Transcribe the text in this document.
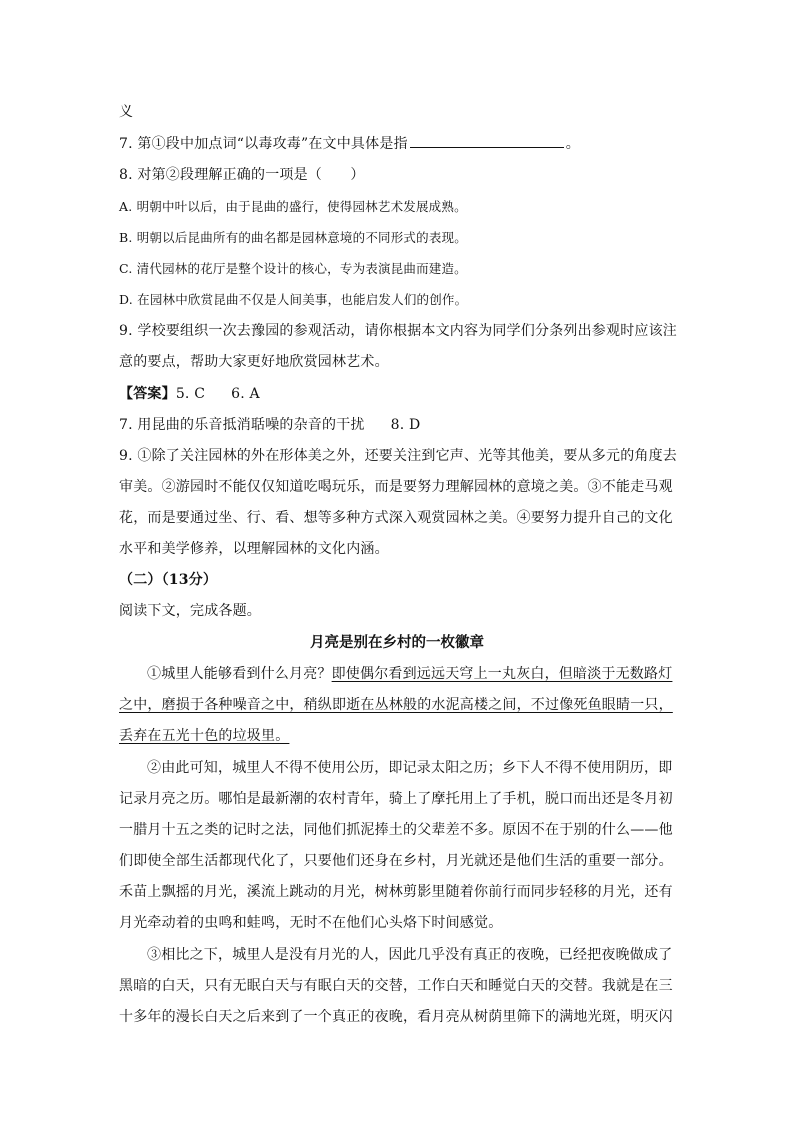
义
7. 第①段中加点词“以毒攻毒”在文中具体是指	。
8. 对第②段理解正确的一项是（　　）
A. 明朝中叶以后，由于昆曲的盛行，使得园林艺术发展成熟。
B. 明朝以后昆曲所有的曲名都是园林意境的不同形式的表现。
C. 清代园林的花厅是整个设计的核心，专为表演昆曲而建造。
D. 在园林中欣赏昆曲不仅是人间美事，也能启发人们的创作。
9. 学校要组织一次去豫园的参观活动，请你根据本文内容为同学们分条列出参观时应该注
意的要点，帮助大家更好地欣赏园林艺术。
【答案】5. C 6. A
7. 用昆曲的乐音抵消聒噪的杂音的干扰 8. D
9. ①除了关注园林的外在形体美之外，还要关注到它声、光等其他美，要从多元的角度去
审美。②游园时不能仅仅知道吃喝玩乐，而是要努力理解园林的意境之美。③不能走马观
花，而是要通过坐、行、看、想等多种方式深入观赏园林之美。④要努力提升自己的文化
水平和美学修养，以理解园林的文化内涵。
（二）（13分）
阅读下文，完成各题。
月亮是别在乡村的一枚徽章
①城里人能够看到什么月亮？即使偶尔看到远远天穹上一丸灰白，但暗淡于无数路灯
之中，磨损于各种噪音之中，稍纵即逝在丛林般的水泥高楼之间，不过像死鱼眼睛一只，
丢弃在五光十色的垃圾里。
②由此可知，城里人不得不使用公历，即记录太阳之历；乡下人不得不使用阴历，即
记录月亮之历。哪怕是最新潮的农村青年，骑上了摩托用上了手机，脱口而出还是冬月初
一腊月十五之类的记时之法，同他们抓泥捧土的父辈差不多。原因不在于别的什么——他
们即使全部生活都现代化了，只要他们还身在乡村，月光就还是他们生活的重要一部分。
禾苗上飘摇的月光，溪流上跳动的月光，树林剪影里随着你前行而同步轻移的月光，还有
月光牵动着的虫鸣和蛙鸣，无时不在他们心头烙下时间感觉。
③相比之下，城里人是没有月光的人，因此几乎没有真正的夜晚，已经把夜晚做成了
黑暗的白天，只有无眠白天与有眠白天的交替，工作白天和睡觉白天的交替。我就是在三
十多年的漫长白天之后来到了一个真正的夜晚，看月亮从树荫里筛下的满地光斑，明灭闪
